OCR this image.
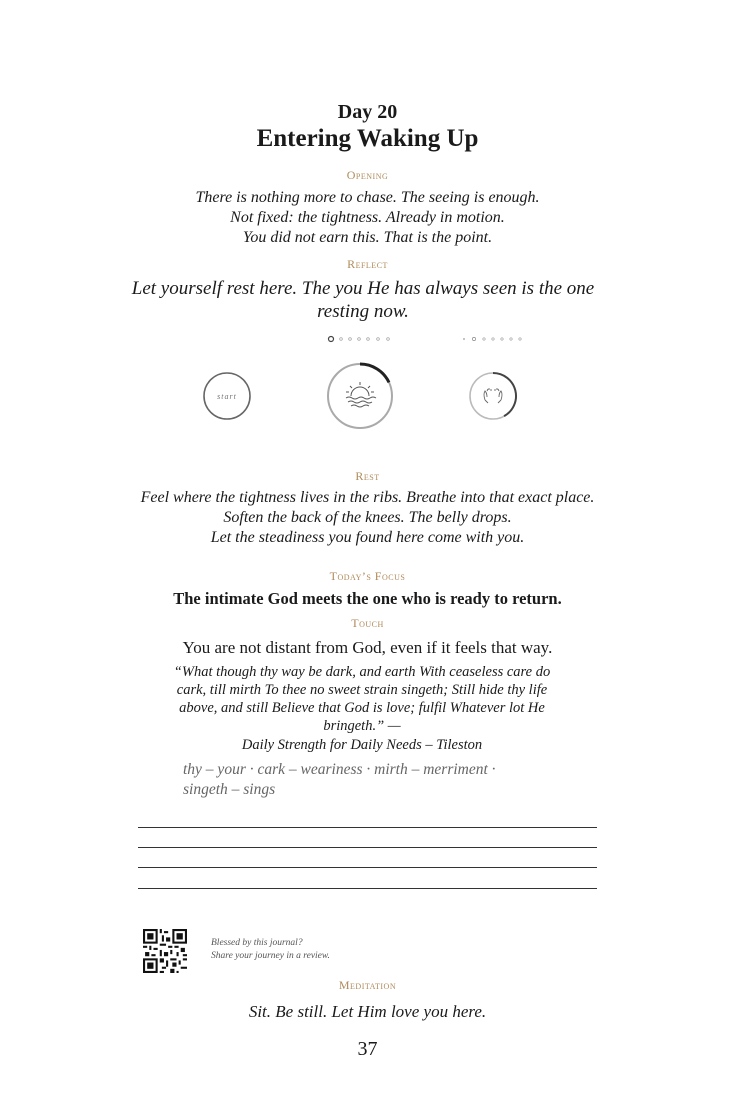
Day 20
Entering Waking Up
Opening
There is nothing more to chase. The seeing is enough.
Not fixed: the tightness. Already in motion.
You did not earn this. That is the point.
Reflect
Let yourself rest here. The you He has always seen is the one resting now.
start
Rest
Feel where the tightness lives in the ribs. Breathe into that exact place.
Soften the back of the knees. The belly drops.
Let the steadiness you found here come with you.
Today’s Focus
The intimate God meets the one who is ready to return.
Touch
You are not distant from God, even if it feels that way.
“What though thy way be dark, and earth With ceaseless care do cark, till mirth To thee no sweet strain singeth; Still hide thy life above, and still Believe that God is love; fulfil Whatever lot He bringeth.” —
Daily Strength for Daily Needs – Tileston
thy – your · cark – weariness · mirth – merriment · singeth – sings
Blessed by this journal?
Share your journey in a review.
Meditation
Sit. Be still. Let Him love you here.
37
